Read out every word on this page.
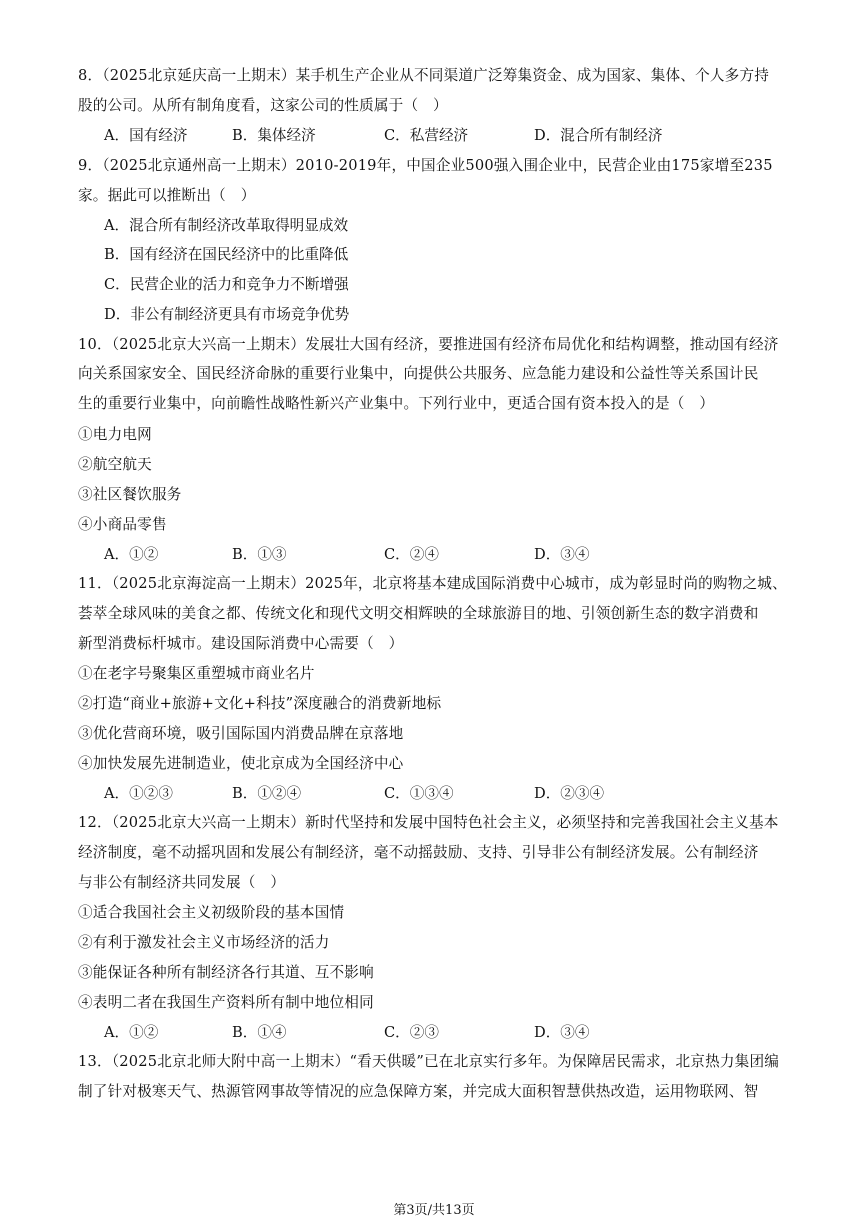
8．（2025北京延庆高一上期末）某手机生产企业从不同渠道广泛筹集资金、成为国家、集体、个人多方持
股的公司。从所有制角度看，这家公司的性质属于（　）
A．国有经济	B．集体经济	C．私营经济	D．混合所有制经济
9．（2025北京通州高一上期末）2010-2019年，中国企业500强入围企业中，民营企业由175家增至235
家。据此可以推断出（　）
A．混合所有制经济改革取得明显成效
B．国有经济在国民经济中的比重降低
C．民营企业的活力和竞争力不断增强
D．非公有制经济更具有市场竞争优势
10．（2025北京大兴高一上期末）发展壮大国有经济，要推进国有经济布局优化和结构调整，推动国有经济
向关系国家安全、国民经济命脉的重要行业集中，向提供公共服务、应急能力建设和公益性等关系国计民
生的重要行业集中，向前瞻性战略性新兴产业集中。下列行业中，更适合国有资本投入的是（　）
①电力电网
②航空航天
③社区餐饮服务
④小商品零售
A．①②	B．①③	C．②④	D．③④
11．（2025北京海淀高一上期末）2025年，北京将基本建成国际消费中心城市，成为彰显时尚的购物之城、
荟萃全球风味的美食之都、传统文化和现代文明交相辉映的全球旅游目的地、引领创新生态的数字消费和
新型消费标杆城市。建设国际消费中心需要（　）
①在老字号聚集区重塑城市商业名片
②打造“商业+旅游+文化+科技”深度融合的消费新地标
③优化营商环境，吸引国际国内消费品牌在京落地
④加快发展先进制造业，使北京成为全国经济中心
A．①②③	B．①②④	C．①③④	D．②③④
12．（2025北京大兴高一上期末）新时代坚持和发展中国特色社会主义，必须坚持和完善我国社会主义基本
经济制度，毫不动摇巩固和发展公有制经济，毫不动摇鼓励、支持、引导非公有制经济发展。公有制经济
与非公有制经济共同发展（　）
①适合我国社会主义初级阶段的基本国情
②有利于激发社会主义市场经济的活力
③能保证各种所有制经济各行其道、互不影响
④表明二者在我国生产资料所有制中地位相同
A．①②	B．①④	C．②③	D．③④
13．（2025北京北师大附中高一上期末）“看天供暖”已在北京实行多年。为保障居民需求，北京热力集团编
制了针对极寒天气、热源管网事故等情况的应急保障方案，并完成大面积智慧供热改造，运用物联网、智
第3页/共13页
